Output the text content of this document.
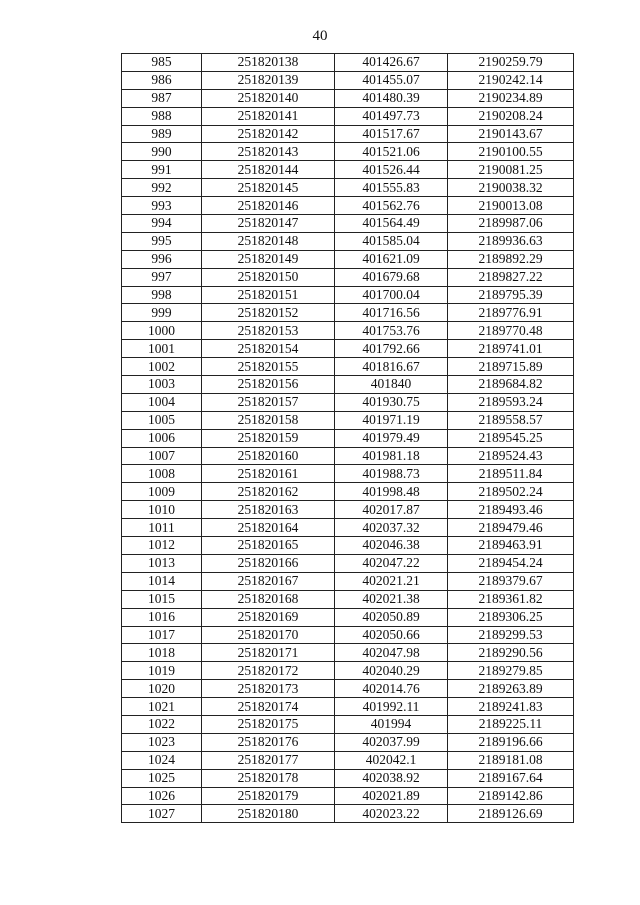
40
985	251820138	401426.67	2190259.79
986	251820139	401455.07	2190242.14
987	251820140	401480.39	2190234.89
988	251820141	401497.73	2190208.24
989	251820142	401517.67	2190143.67
990	251820143	401521.06	2190100.55
991	251820144	401526.44	2190081.25
992	251820145	401555.83	2190038.32
993	251820146	401562.76	2190013.08
994	251820147	401564.49	2189987.06
995	251820148	401585.04	2189936.63
996	251820149	401621.09	2189892.29
997	251820150	401679.68	2189827.22
998	251820151	401700.04	2189795.39
999	251820152	401716.56	2189776.91
1000	251820153	401753.76	2189770.48
1001	251820154	401792.66	2189741.01
1002	251820155	401816.67	2189715.89
1003	251820156	401840	2189684.82
1004	251820157	401930.75	2189593.24
1005	251820158	401971.19	2189558.57
1006	251820159	401979.49	2189545.25
1007	251820160	401981.18	2189524.43
1008	251820161	401988.73	2189511.84
1009	251820162	401998.48	2189502.24
1010	251820163	402017.87	2189493.46
1011	251820164	402037.32	2189479.46
1012	251820165	402046.38	2189463.91
1013	251820166	402047.22	2189454.24
1014	251820167	402021.21	2189379.67
1015	251820168	402021.38	2189361.82
1016	251820169	402050.89	2189306.25
1017	251820170	402050.66	2189299.53
1018	251820171	402047.98	2189290.56
1019	251820172	402040.29	2189279.85
1020	251820173	402014.76	2189263.89
1021	251820174	401992.11	2189241.83
1022	251820175	401994	2189225.11
1023	251820176	402037.99	2189196.66
1024	251820177	402042.1	2189181.08
1025	251820178	402038.92	2189167.64
1026	251820179	402021.89	2189142.86
1027	251820180	402023.22	2189126.69
